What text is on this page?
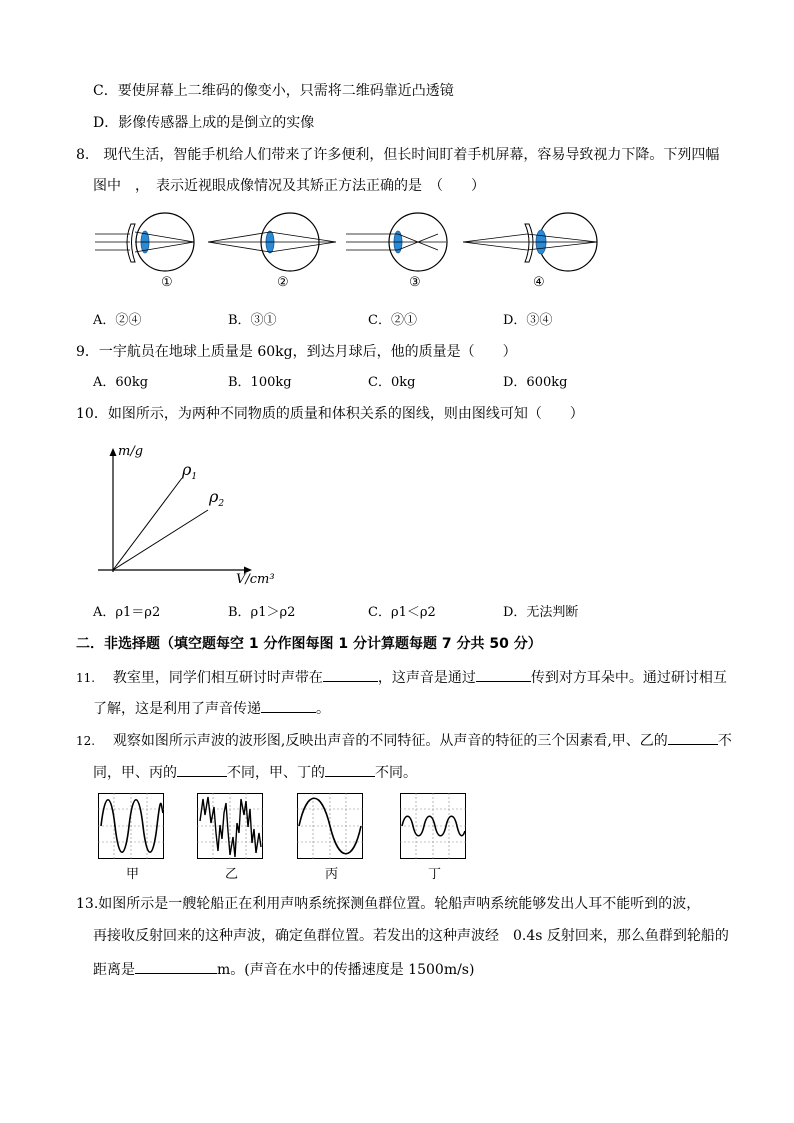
C．要使屏幕上二维码的像变小，只需将二维码靠近凸透镜
D．影像传感器上成的是倒立的实像
8.　现代生活，智能手机给人们带来了许多便利，但长时间盯着手机屏幕，容易导致视力下降。下列四幅
图中　，　表示近视眼成像情况及其矫正方法正确的是　（　　）
①	②	③	④
A．②④	B．③①	C．②①	D．③④
9．一宇航员在地球上质量是 60kg，到达月球后，他的质量是（　　）
A．60kg	B．100kg	C．0kg	D．600kg
10．如图所示，为两种不同物质的质量和体积关系的图线，则由图线可知（　　）
m/g
V/cm³
$\rho_1$
$\rho_2$
A．ρ1＝ρ2	B．ρ1＞ρ2	C．ρ1＜ρ2	D．无法判断
二．非选择题（填空题每空 1 分作图每图 1 分计算题每题 7 分共 50 分）
11. 教室里，同学们相互研讨时声带在	，这声音是通过	传到对方耳朵中。通过研讨相互
了解，这是利用了声音传递	。
12. 观察如图所示声波的波形图,反映出声音的不同特征。从声音的特征的三个因素看,甲、乙的	不
同，甲、丙的	不同，甲、丁的	不同。
甲	乙	丙	丁
13.如图所示是一艘轮船正在利用声呐系统探测鱼群位置。轮船声呐系统能够发出人耳不能听到的波，
再接收反射回来的这种声波，确定鱼群位置。若发出的这种声波经　0.4s 反射回来，那么鱼群到轮船的
距离是	m。(声音在水中的传播速度是 1500m/s)
